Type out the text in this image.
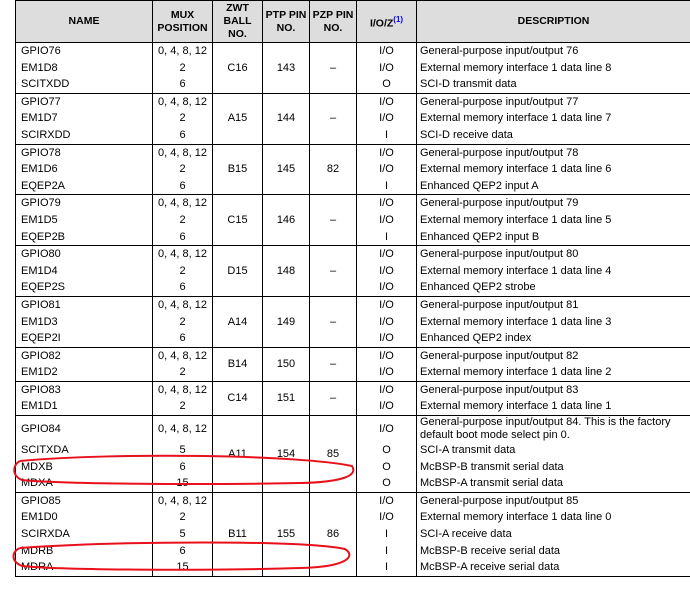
NAME	MUX POSITION	ZWT BALL NO.	PTP PIN NO.	PZP PIN NO.	$I/O/Z^{(1)}$	DESCRIPTION
GPIO76	0, 4, 8, 12	C16	143	–	I/O	General-purpose input/output 76
EM1D8	2				I/O	External memory interface 1 data line 8
SCITXDD	6				O	SCI-D transmit data
GPIO77	0, 4, 8, 12	A15	144	–	I/O	General-purpose input/output 77
EM1D7	2				I/O	External memory interface 1 data line 7
SCIRXDD	6				I	SCI-D receive data
GPIO78	0, 4, 8, 12	B15	145	82	I/O	General-purpose input/output 78
EM1D6	2				I/O	External memory interface 1 data line 6
EQEP2A	6				I	Enhanced QEP2 input A
GPIO79	0, 4, 8, 12	C15	146	–	I/O	General-purpose input/output 79
EM1D5	2				I/O	External memory interface 1 data line 5
EQEP2B	6				I	Enhanced QEP2 input B
GPIO80	0, 4, 8, 12	D15	148	–	I/O	General-purpose input/output 80
EM1D4	2				I/O	External memory interface 1 data line 4
EQEP2S	6				I/O	Enhanced QEP2 strobe
GPIO81	0, 4, 8, 12	A14	149	–	I/O	General-purpose input/output 81
EM1D3	2				I/O	External memory interface 1 data line 3
EQEP2I	6				I/O	Enhanced QEP2 index
GPIO82	0, 4, 8, 12	B14	150	–	I/O	General-purpose input/output 82
EM1D2	2				I/O	External memory interface 1 data line 2
GPIO83	0, 4, 8, 12	C14	151	–	I/O	General-purpose input/output 83
EM1D1	2				I/O	External memory interface 1 data line 1
GPIO84	0, 4, 8, 12	A11	154	85	I/O	General-purpose input/output 84. This is the factory default boot mode select pin 0.
SCITXDA	5				O	SCI-A transmit data
MDXB	6				O	McBSP-B transmit serial data
MDXA	15				O	McBSP-A transmit serial data
GPIO85	0, 4, 8, 12	B11	155	86	I/O	General-purpose input/output 85
EM1D0	2				I/O	External memory interface 1 data line 0
SCIRXDA	5				I	SCI-A receive data
MDRB	6				I	McBSP-B receive serial data
MDRA	15				I	McBSP-A receive serial data
